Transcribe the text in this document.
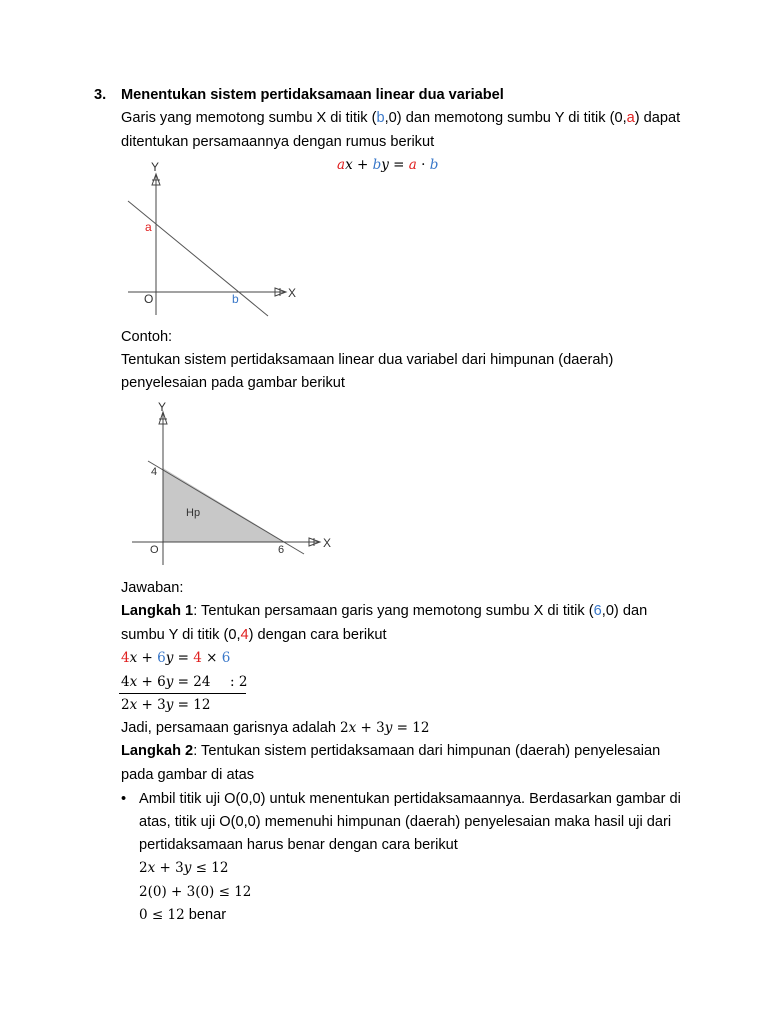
3. Menentukan sistem pertidaksamaan linear dua variabel
Garis yang memotong sumbu X di titik (b,0) dan memotong sumbu Y di titik (0,a) dapat
ditentukan persamaannya dengan rumus berikut
ax + by = a · b
Y
X
O
a
b
Contoh:
Tentukan sistem pertidaksamaan linear dua variabel dari himpunan (daerah)
penyelesaian pada gambar berikut
Y
X
O
4
6
Hp
Jawaban:
Langkah 1: Tentukan persamaan garis yang memotong sumbu X di titik (6,0) dan
sumbu Y di titik (0,4) dengan cara berikut
4x + 6y = 4 × 6
4x + 6y = 24 : 2
2x + 3y = 12
Jadi, persamaan garisnya adalah 2x + 3y = 12
Langkah 2: Tentukan sistem pertidaksamaan dari himpunan (daerah) penyelesaian
pada gambar di atas
• Ambil titik uji O(0,0) untuk menentukan pertidaksamaannya. Berdasarkan gambar di
atas, titik uji O(0,0) memenuhi himpunan (daerah) penyelesaian maka hasil uji dari
pertidaksamaan harus benar dengan cara berikut
2x + 3y ≤ 12
2(0) + 3(0) ≤ 12
0 ≤ 12 benar
